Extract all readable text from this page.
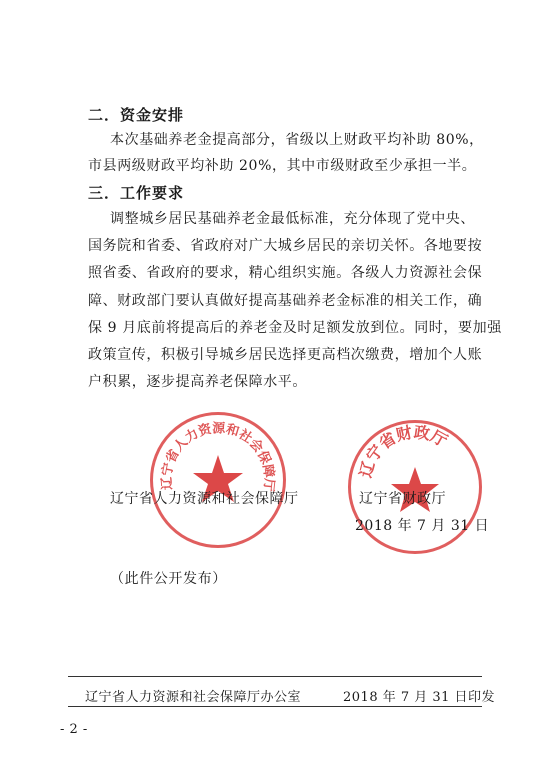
二．资金安排
本次基础养老金提高部分，省级以上财政平均补助 80%，
市县两级财政平均补助 20%，其中市级财政至少承担一半。
三．工作要求
调整城乡居民基础养老金最低标准，充分体现了党中央、
国务院和省委、省政府对广大城乡居民的亲切关怀。各地要按
照省委、省政府的要求，精心组织实施。各级人力资源社会保
障、财政部门要认真做好提高基础养老金标准的相关工作，确
保 9 月底前将提高后的养老金及时足额发放到位。同时，要加强
政策宣传，积极引导城乡居民选择更高档次缴费，增加个人账
户积累，逐步提高养老保障水平。
辽宁省人力资源和社会保障厅
辽宁省财政厅
辽宁省人力资源和社会保障厅	辽宁省财政厅
2018 年 7 月 31 日
（此件公开发布）
辽宁省人力资源和社会保障厅办公室	2018 年 7 月 31 日印发
- 2 -
